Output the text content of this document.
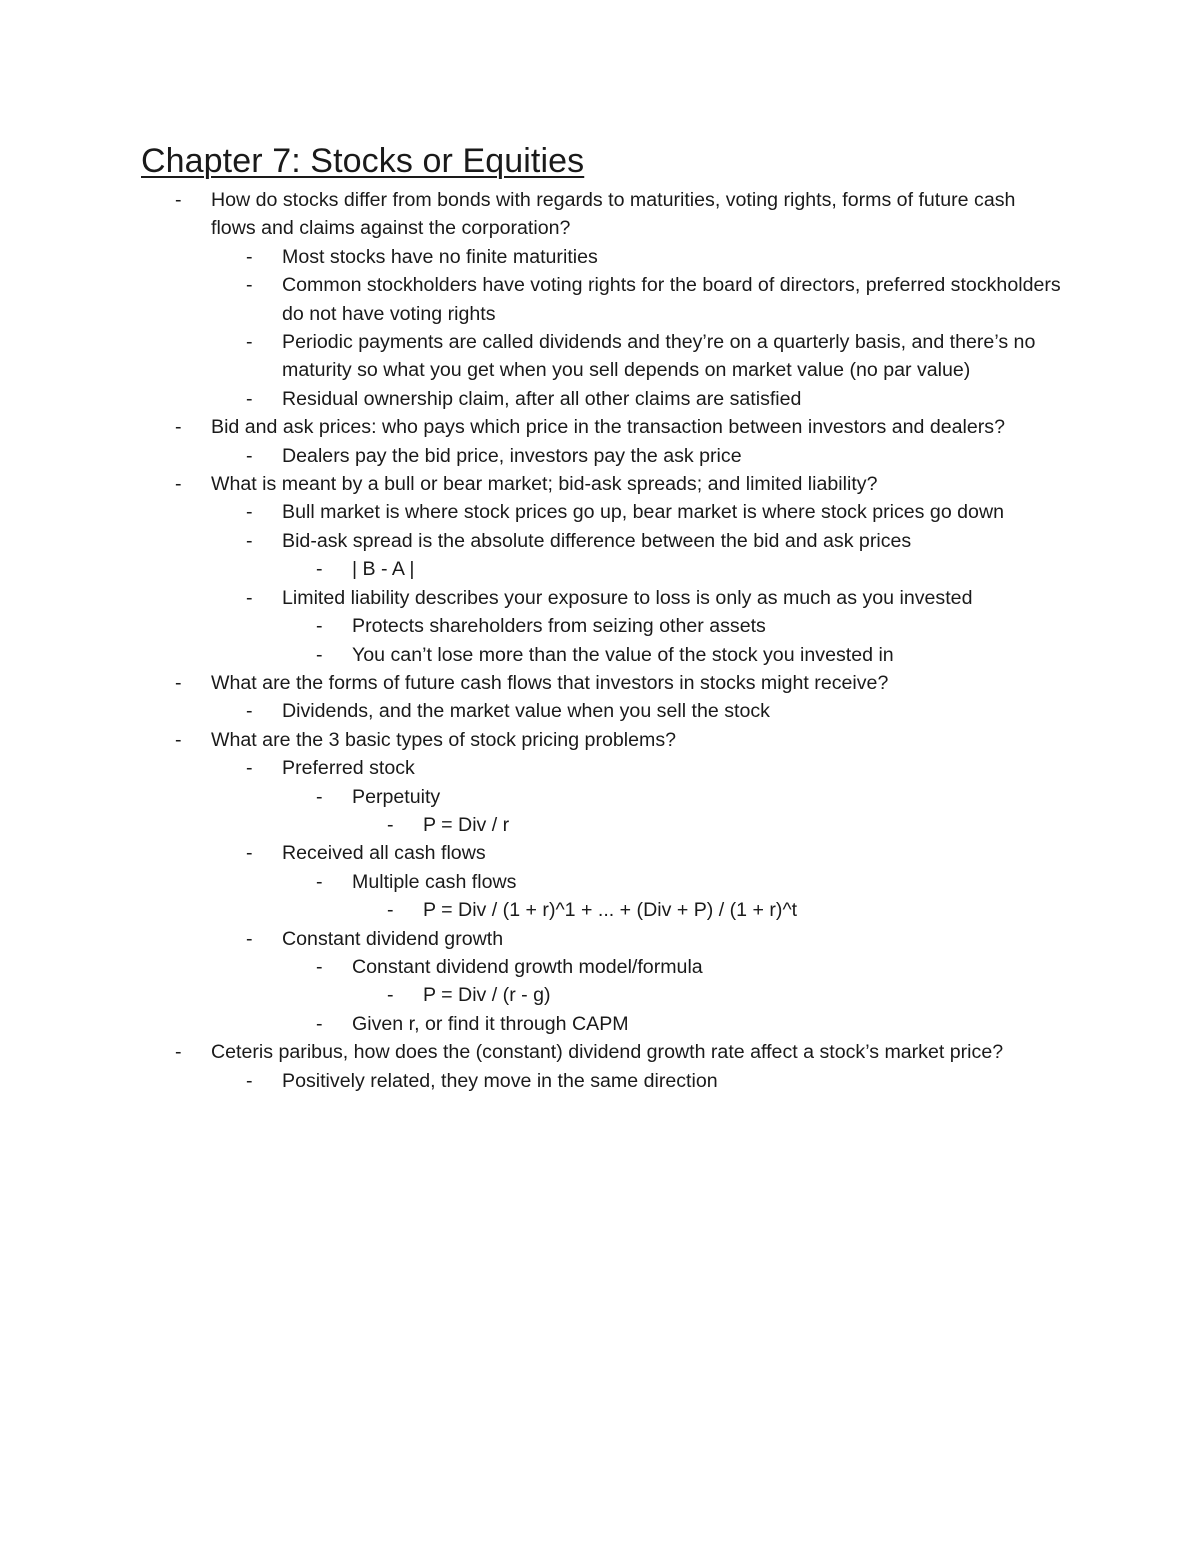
Chapter 7: Stocks or Equities
- How do stocks differ from bonds with regards to maturities, voting rights, forms of future cash flows and claims against the corporation?
- Most stocks have no finite maturities
- Common stockholders have voting rights for the board of directors, preferred stockholders do not have voting rights
- Periodic payments are called dividends and they’re on a quarterly basis, and there’s no maturity so what you get when you sell depends on market value (no par value)
- Residual ownership claim, after all other claims are satisfied
- Bid and ask prices: who pays which price in the transaction between investors and dealers?
- Dealers pay the bid price, investors pay the ask price
- What is meant by a bull or bear market; bid-ask spreads; and limited liability?
- Bull market is where stock prices go up, bear market is where stock prices go down
- Bid-ask spread is the absolute difference between the bid and ask prices
- | B - A |
- Limited liability describes your exposure to loss is only as much as you invested
- Protects shareholders from seizing other assets
- You can’t lose more than the value of the stock you invested in
- What are the forms of future cash flows that investors in stocks might receive?
- Dividends, and the market value when you sell the stock
- What are the 3 basic types of stock pricing problems?
- Preferred stock
- Perpetuity
- P = Div / r
- Received all cash flows
- Multiple cash flows
- P = Div / (1 + r)^1 + ... + (Div + P) / (1 + r)^t
- Constant dividend growth
- Constant dividend growth model/formula
- P = Div / (r - g)
- Given r, or find it through CAPM
- Ceteris paribus, how does the (constant) dividend growth rate affect a stock’s market price?
- Positively related, they move in the same direction
